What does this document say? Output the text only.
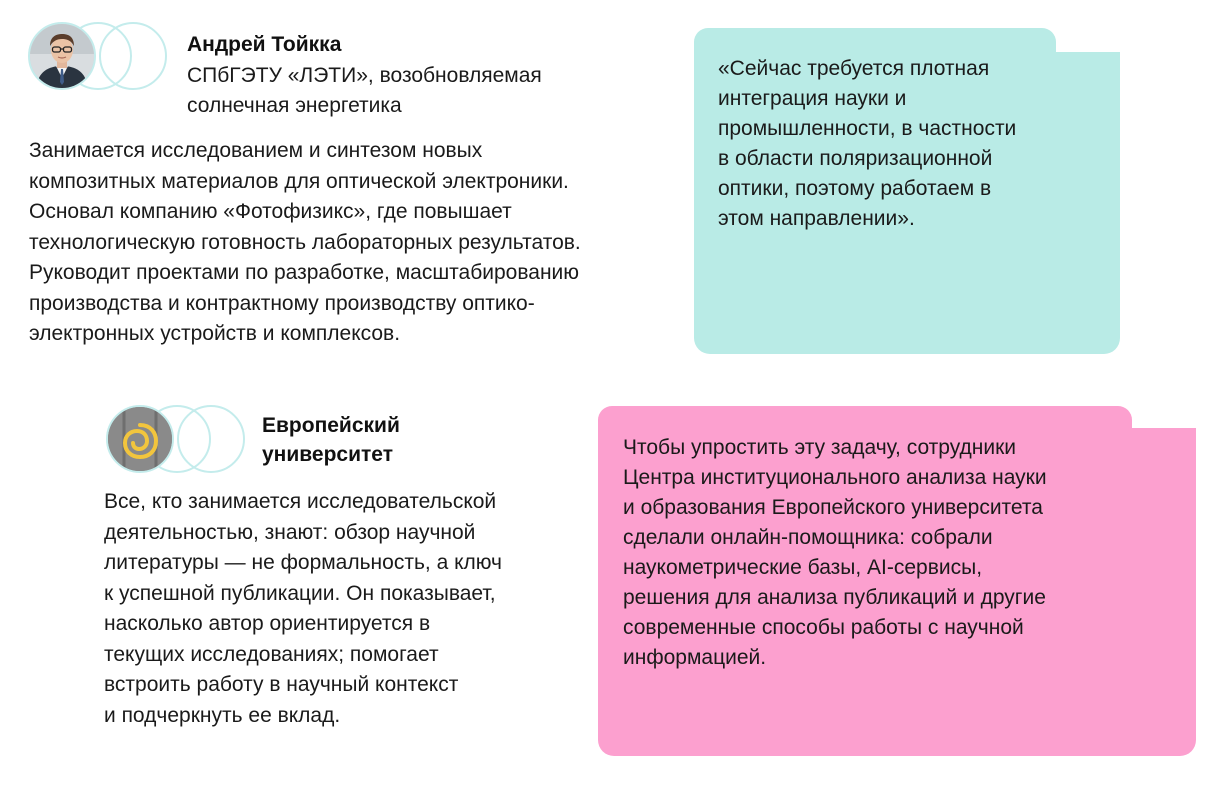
Андрей Тойкка

СПбГЭТУ «ЛЭТИ», возобновляемая
солнечная энергетика

Занимается исследованием и синтезом новых
композитных материалов для оптической электроники.
Основал компанию «Фотофизикс», где повышает
технологическую готовность лабораторных результатов.
Руководит проектами по разработке, масштабированию
производства и контрактному производству оптико-
электронных устройств и комплексов.

«Сейчас требуется плотная
интеграция науки и
промышленности, в частности
в области поляризационной
оптики, поэтому работаем в
этом направлении».

Европейский
университет

Все, кто занимается исследовательской
деятельностью, знают: обзор научной
литературы — не формальность, а ключ
к успешной публикации. Он показывает,
насколько автор ориентируется в
текущих исследованиях; помогает
встроить работу в научный контекст
и подчеркнуть ее вклад.

Чтобы упростить эту задачу, сотрудники
Центра институционального анализа науки
и образования Европейского университета
сделали онлайн-помощника: собрали
наукометрические базы, AI-сервисы,
решения для анализа публикаций и другие
современные способы работы с научной
информацией.
